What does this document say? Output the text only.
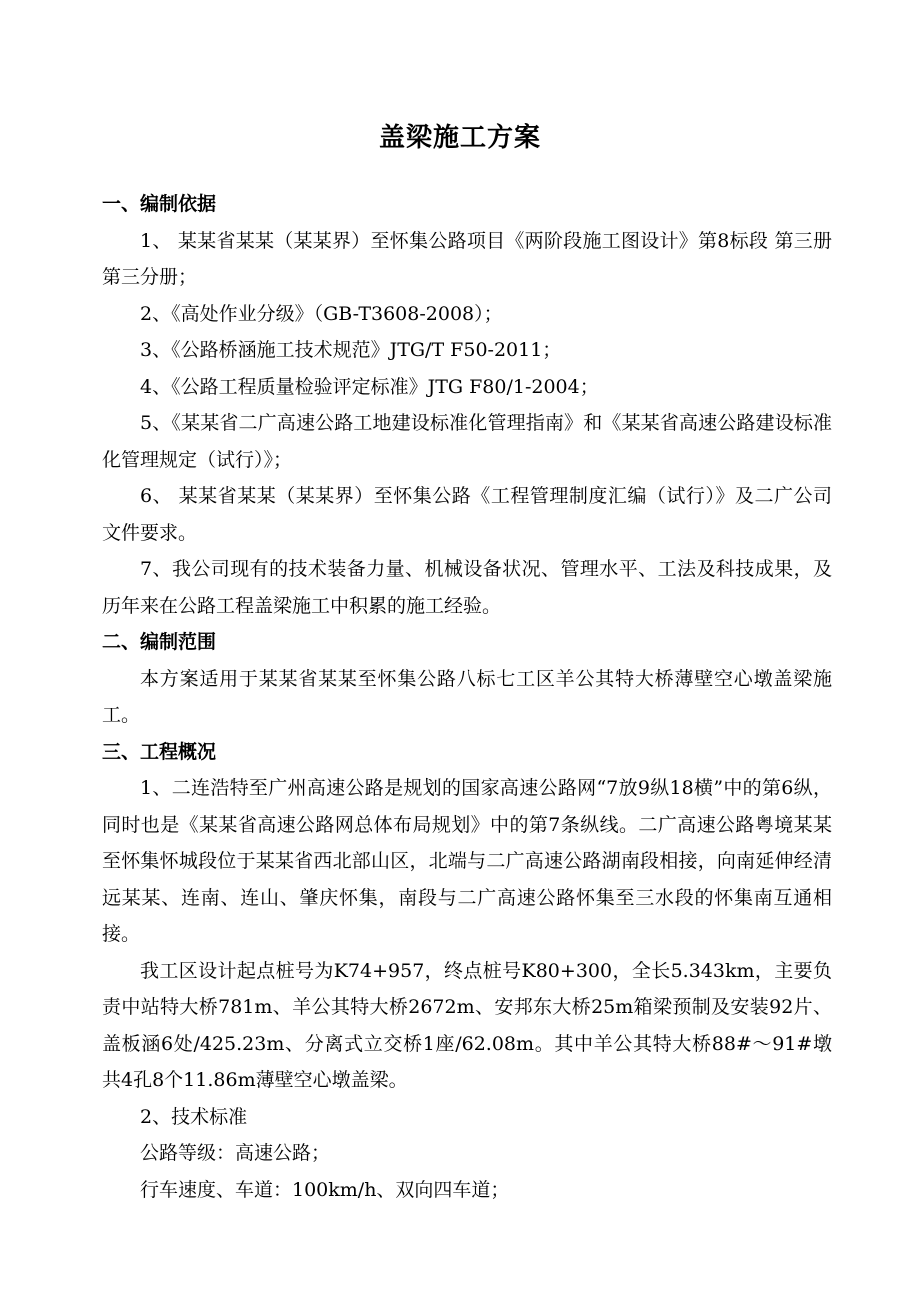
盖梁施工方案

一、编制依据

1、 某某省某某（某某界）至怀集公路项目《两阶段施工图设计》第8标段 第三册 第三分册；

2、《高处作业分级》（GB-T3608-2008）；

3、《公路桥涵施工技术规范》JTG/T F50-2011；

4、《公路工程质量检验评定标准》JTG F80/1-2004；

5、《某某省二广高速公路工地建设标准化管理指南》和《某某省高速公路建设标准化管理规定（试行）》；

6、 某某省某某（某某界）至怀集公路《工程管理制度汇编（试行）》及二广公司文件要求。

7、我公司现有的技术装备力量、机械设备状况、管理水平、工法及科技成果，及历年来在公路工程盖梁施工中积累的施工经验。

二、编制范围

本方案适用于某某省某某至怀集公路八标七工区羊公其特大桥薄壁空心墩盖梁施工。

三、工程概况

1、二连浩特至广州高速公路是规划的国家高速公路网“7放9纵18横”中的第6纵，同时也是《某某省高速公路网总体布局规划》中的第7条纵线。二广高速公路粤境某某至怀集怀城段位于某某省西北部山区，北端与二广高速公路湖南段相接，向南延伸经清远某某、连南、连山、肇庆怀集，南段与二广高速公路怀集至三水段的怀集南互通相接。

我工区设计起点桩号为K74+957，终点桩号K80+300，全长5.343km，主要负责中站特大桥781m、羊公其特大桥2672m、安邦东大桥25m箱梁预制及安装92片、盖板涵6处/425.23m、分离式立交桥1座/62.08m。其中羊公其特大桥88#～91#墩共4孔8个11.86m薄壁空心墩盖梁。

2、技术标准

公路等级：高速公路；

行车速度、车道：100km/h、双向四车道；
